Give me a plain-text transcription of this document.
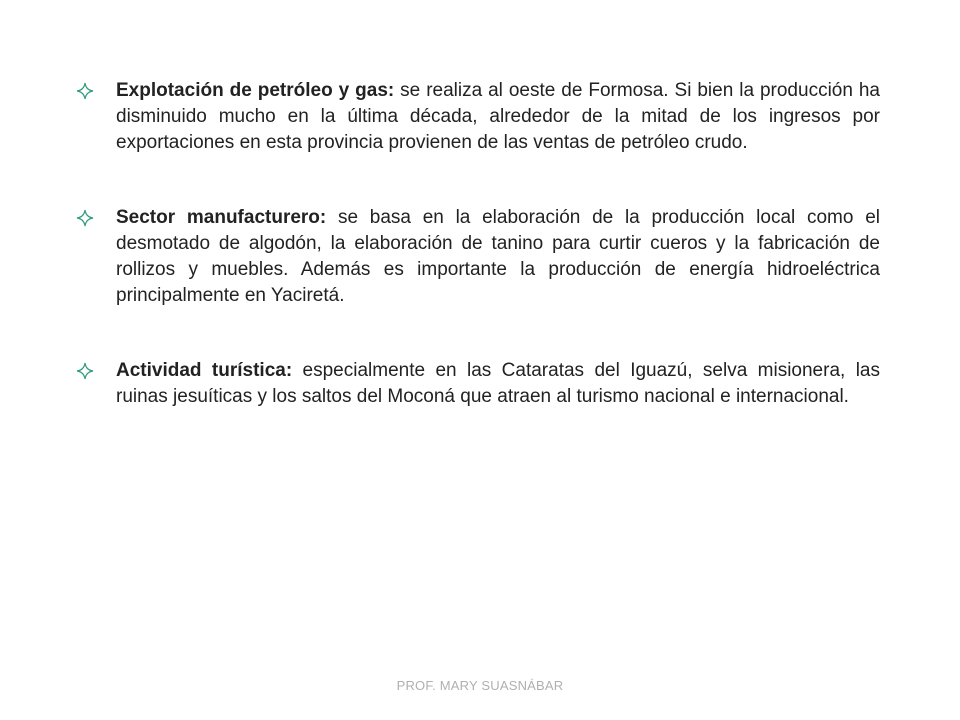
Explotación de petróleo y gas: se realiza al oeste de Formosa. Si bien la producción ha disminuido mucho en la última década, alrededor de la mitad de los ingresos por exportaciones en esta provincia provienen de las ventas de petróleo crudo.
Sector manufacturero: se basa en la elaboración de la producción local como el desmotado de algodón, la elaboración de tanino para curtir cueros y la fabricación de rollizos y muebles. Además es importante la producción de energía hidroeléctrica principalmente en Yaciretá.
Actividad turística: especialmente en las Cataratas del Iguazú, selva misionera, las ruinas jesuíticas y los saltos del Moconá que atraen al turismo nacional e internacional.
PROF. MARY SUASNÁBAR
